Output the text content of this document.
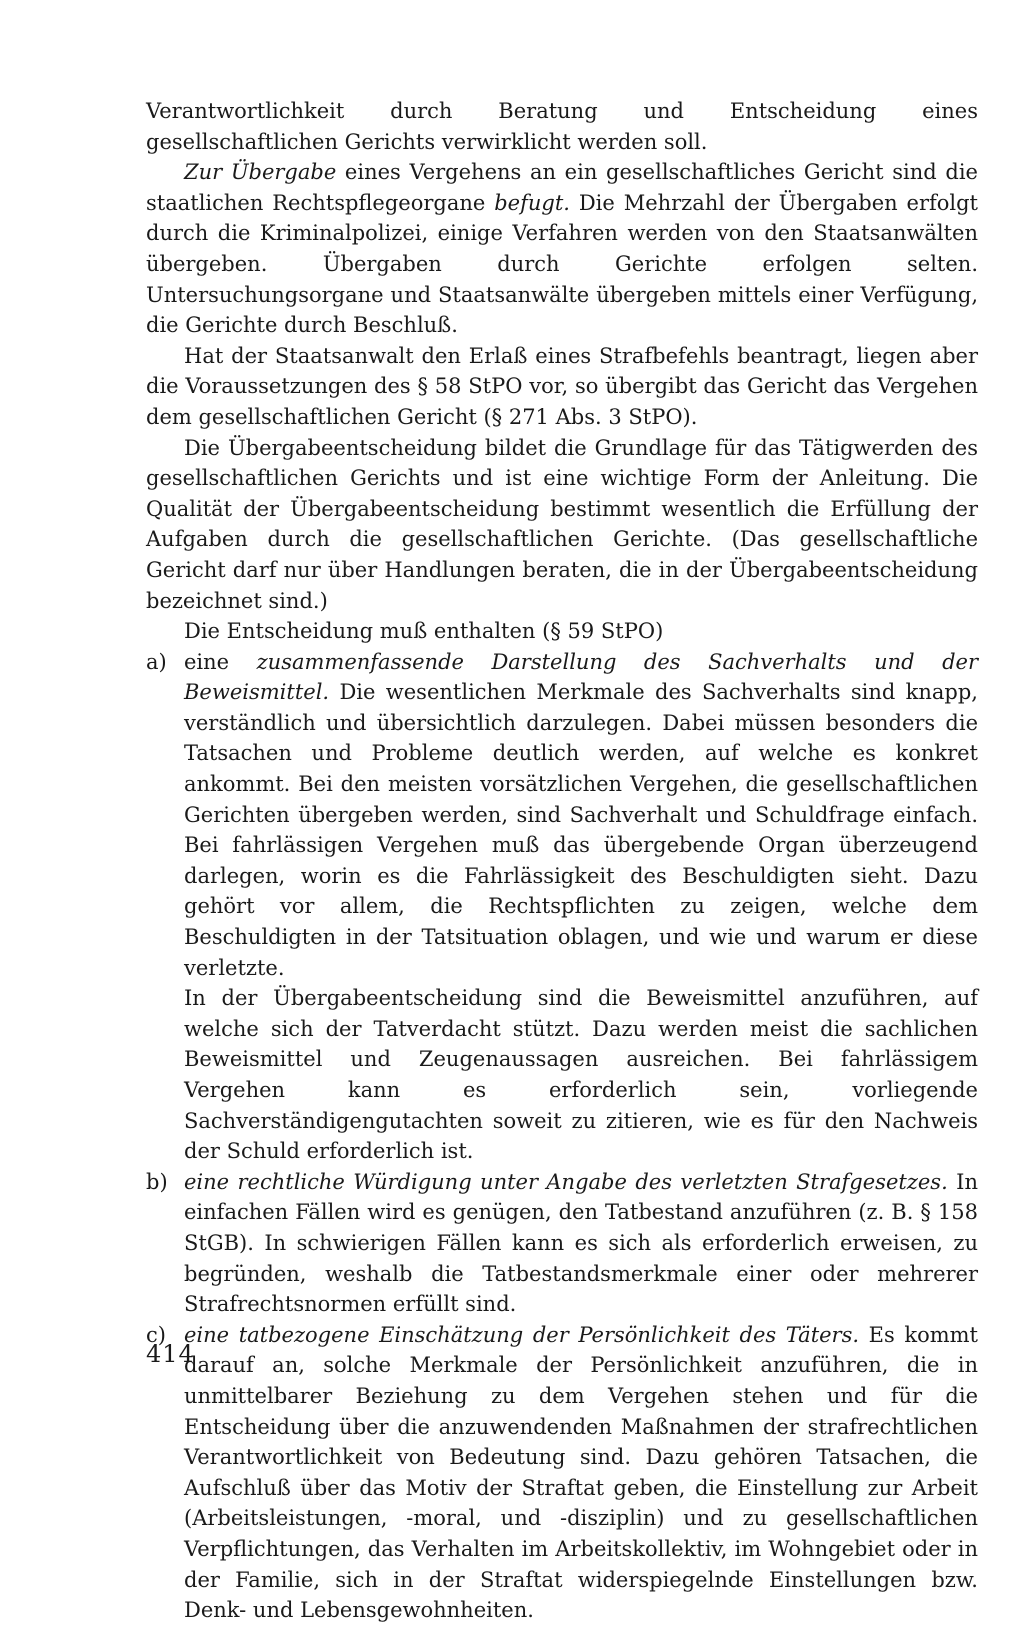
Verantwortlichkeit durch Beratung und Entscheidung eines gesellschaftlichen Gerichts verwirklicht werden soll.

Zur Übergabe eines Vergehens an ein gesellschaftliches Gericht sind die staatlichen Rechtspflegeorgane befugt. Die Mehrzahl der Übergaben erfolgt durch die Kriminalpolizei, einige Verfahren werden von den Staatsanwälten übergeben. Übergaben durch Gerichte erfolgen selten. Untersuchungsorgane und Staatsanwälte übergeben mittels einer Verfügung, die Gerichte durch Beschluß.

Hat der Staatsanwalt den Erlaß eines Strafbefehls beantragt, liegen aber die Voraussetzungen des § 58 StPO vor, so übergibt das Gericht das Vergehen dem gesellschaftlichen Gericht (§ 271 Abs. 3 StPO).

Die Übergabeentscheidung bildet die Grundlage für das Tätigwerden des gesellschaftlichen Gerichts und ist eine wichtige Form der Anleitung. Die Qualität der Übergabeentscheidung bestimmt wesentlich die Erfüllung der Aufgaben durch die gesellschaftlichen Gerichte. (Das gesellschaftliche Gericht darf nur über Handlungen beraten, die in der Übergabeentscheidung bezeichnet sind.)

Die Entscheidung muß enthalten (§ 59 StPO)

a) eine zusammenfassende Darstellung des Sachverhalts und der Beweismittel. Die wesentlichen Merkmale des Sachverhalts sind knapp, verständlich und übersichtlich darzulegen. Dabei müssen besonders die Tatsachen und Probleme deutlich werden, auf welche es konkret ankommt. Bei den meisten vorsätzlichen Vergehen, die gesellschaftlichen Gerichten übergeben werden, sind Sachverhalt und Schuldfrage einfach. Bei fahrlässigen Vergehen muß das übergebende Organ überzeugend darlegen, worin es die Fahrlässigkeit des Beschuldigten sieht. Dazu gehört vor allem, die Rechtspflichten zu zeigen, welche dem Beschuldigten in der Tatsituation oblagen, und wie und warum er diese verletzte.

In der Übergabeentscheidung sind die Beweismittel anzuführen, auf welche sich der Tatverdacht stützt. Dazu werden meist die sachlichen Beweismittel und Zeugenaussagen ausreichen. Bei fahrlässigem Vergehen kann es erforderlich sein, vorliegende Sachverständigengutachten soweit zu zitieren, wie es für den Nachweis der Schuld erforderlich ist.

b) eine rechtliche Würdigung unter Angabe des verletzten Strafgesetzes. In einfachen Fällen wird es genügen, den Tatbestand anzuführen (z. B. § 158 StGB). In schwierigen Fällen kann es sich als erforderlich erweisen, zu begründen, weshalb die Tatbestandsmerkmale einer oder mehrerer Strafrechtsnormen erfüllt sind.

c) eine tatbezogene Einschätzung der Persönlichkeit des Täters. Es kommt darauf an, solche Merkmale der Persönlichkeit anzuführen, die in unmittelbarer Beziehung zu dem Vergehen stehen und für die Entscheidung über die anzuwendenden Maßnahmen der strafrechtlichen Verantwortlichkeit von Bedeutung sind. Dazu gehören Tatsachen, die Aufschluß über das Motiv der Straftat geben, die Einstellung zur Arbeit (Arbeitsleistungen, -moral, und -disziplin) und zu gesellschaftlichen Verpflichtungen, das Verhalten im Arbeitskollektiv, im Wohngebiet oder in der Familie, sich in der Straftat widerspiegelnde Einstellungen bzw. Denk- und Lebensgewohnheiten.

414
